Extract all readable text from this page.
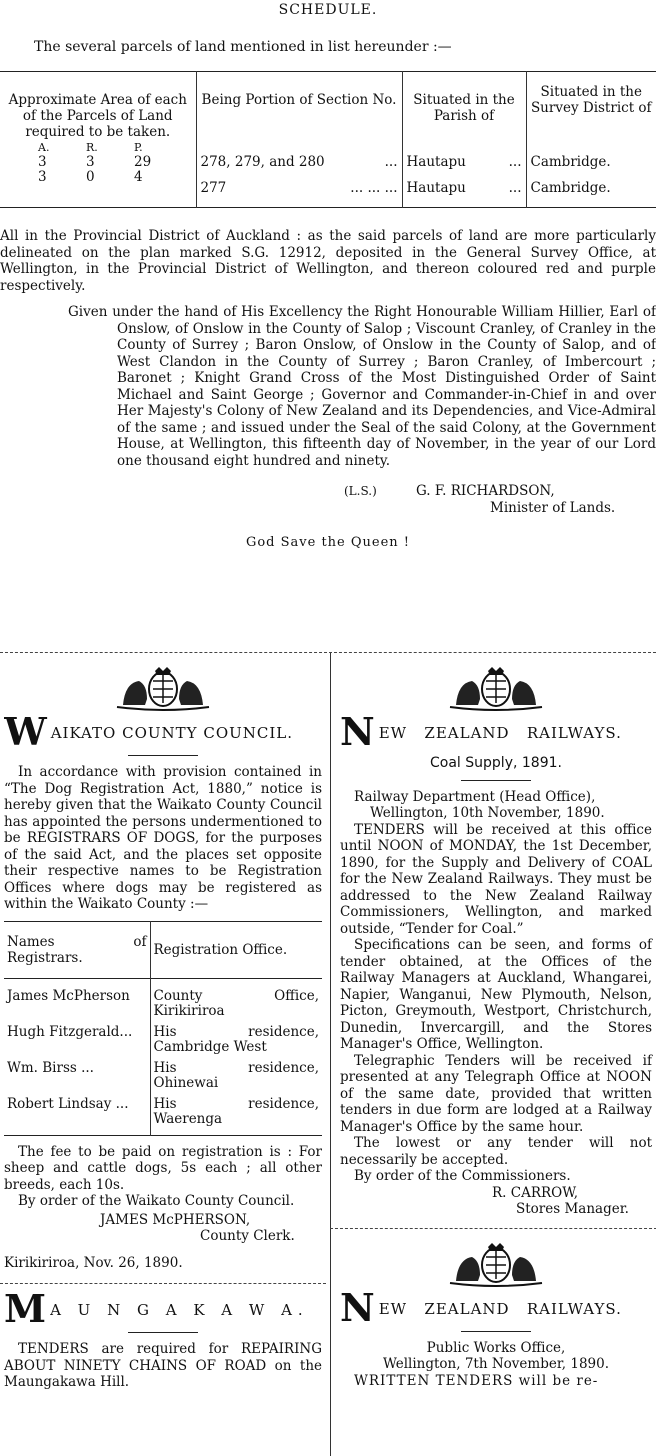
SCHEDULE.
The several parcels of land mentioned in list hereunder :—
Approximate Area of each of the Parcels of Land required to be taken.	Being Portion of Section No.	Situated in the Parish of	Situated in the Survey District of
A. R. P.			
3 3 29	278, 279, and 280 ...	Hautapu ...	Cambridge.
3 0 4	277 ... ... ...	Hautapu ...	Cambridge.

All in the Provincial District of Auckland : as the said parcels of land are more particularly delineated on the plan marked S.G. 12912, deposited in the General Survey Office, at Wellington, in the Provincial District of Wellington, and thereon coloured red and purple respectively.
Given under the hand of His Excellency the Right Honourable William Hillier, Earl of Onslow, of Onslow in the County of Salop ; Viscount Cranley, of Cranley in the County of Surrey ; Baron Onslow, of Onslow in the County of Salop, and of West Clandon in the County of Surrey ; Baron Cranley, of Imbercourt ; Baronet ; Knight Grand Cross of the Most Distinguished Order of Saint Michael and Saint George ; Governor and Commander-in-Chief in and over Her Majesty's Colony of New Zealand and its Dependencies, and Vice-Admiral of the same ; and issued under the Seal of the said Colony, at the Government House, at Wellington, this fifteenth day of November, in the year of our Lord one thousand eight hundred and ninety.
(L.S.)	G. F. RICHARDSON,
Minister of Lands.
God Save the Queen !
W AIKATO COUNTY COUNCIL.
In accordance with provision contained in “The Dog Registration Act, 1880,” notice is hereby given that the Waikato County Council has appointed the persons undermentioned to be REGISTRARS OF DOGS, for the purposes of the said Act, and the places set opposite their respective names to be Registration Offices where dogs may be registered as within the Waikato County :—
Names of Registrars.	Registration Office.
James McPherson	County Office, Kirikiriroa
Hugh Fitzgerald...	His residence, Cambridge West
Wm. Birss ...	His residence, Ohinewai
Robert Lindsay ...	His residence, Waerenga
The fee to be paid on registration is : For sheep and cattle dogs, 5s each ; all other breeds, each 10s.
By order of the Waikato County Council.
JAMES McPHERSON,
County Clerk.
Kirikiriroa, Nov. 26, 1890.
M A U N G A K A W A.
TENDERS are required for REPAIRING ABOUT NINETY CHAINS OF ROAD on the Maungakawa Hill.
N EW   ZEALAND   RAILWAYS.
Coal Supply, 1891.
Railway Department (Head Office),
Wellington, 10th November, 1890.
TENDERS will be received at this office until NOON of MONDAY, the 1st December, 1890, for the Supply and Delivery of COAL for the New Zealand Railways. They must be addressed to the New Zealand Railway Commissioners, Wellington, and marked outside, “Tender for Coal.”
Specifications can be seen, and forms of tender obtained, at the Offices of the Railway Managers at Auckland, Whangarei, Napier, Wanganui, New Plymouth, Nelson, Picton, Greymouth, Westport, Christchurch, Dunedin, Invercargill, and the Stores Manager's Office, Wellington.
Telegraphic Tenders will be received if presented at any Telegraph Office at NOON of the same date, provided that written tenders in due form are lodged at a Railway Manager's Office by the same hour.
The lowest or any tender will not necessarily be accepted.
By order of the Commissioners.
R. CARROW,
Stores Manager.
N EW   ZEALAND   RAILWAYS.
Public Works Office,
Wellington, 7th November, 1890.
WRITTEN TENDERS will be re-
